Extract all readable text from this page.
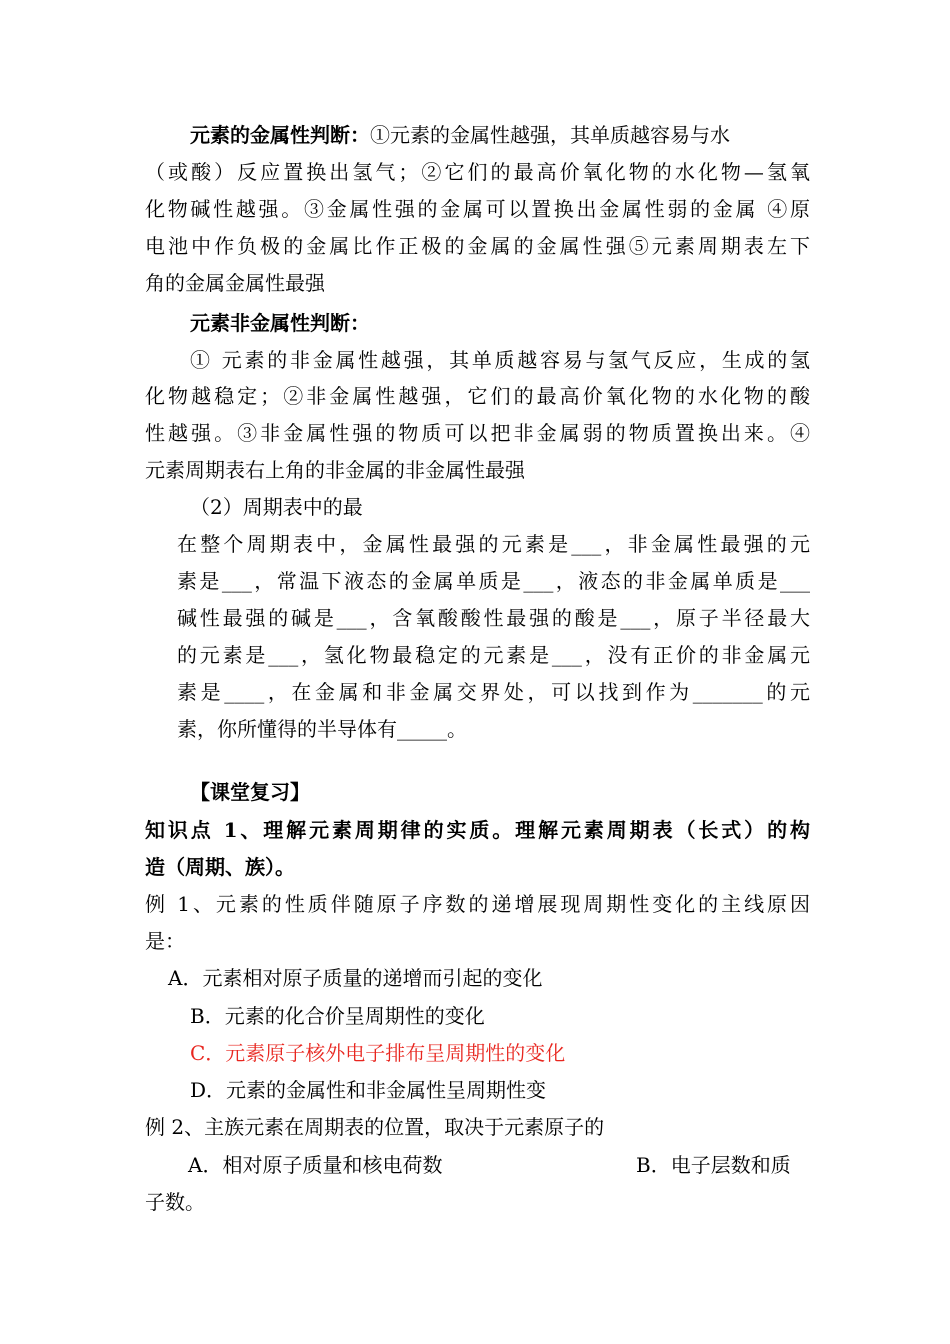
元素的金属性判断：①元素的金属性越强，其单质越容易与水
（或酸）反应置换出氢气；②它们的最高价氧化物的水化物—氢氧
化物碱性越强。③金属性强的金属可以置换出金属性弱的金属 ④原
电池中作负极的金属比作正极的金属的金属性强⑤元素周期表左下
角的金属金属性最强
元素非金属性判断：
① 元素的非金属性越强，其单质越容易与氢气反应，生成的氢
化物越稳定；②非金属性越强，它们的最高价氧化物的水化物的酸
性越强。③非金属性强的物质可以把非金属弱的物质置换出来。④
元素周期表右上角的非金属的非金属性最强
（2）周期表中的最
在整个周期表中，金属性最强的元素是___，非金属性最强的元
素是___，常温下液态的金属单质是___，液态的非金属单质是___
碱性最强的碱是___，含氧酸酸性最强的酸是___，原子半径最大
的元素是___，氢化物最稳定的元素是___，没有正价的非金属元
素是____，在金属和非金属交界处，可以找到作为_______的元
素，你所懂得的半导体有_____。
【课堂复习】
知识点 1、理解元素周期律的实质。理解元素周期表（长式）的构
造（周期、族）。
例 1、元素的性质伴随原子序数的递增展现周期性变化的主线原因
是：
A．元素相对原子质量的递增而引起的变化
B．元素的化合价呈周期性的变化
C．元素原子核外电子排布呈周期性的变化
D．元素的金属性和非金属性呈周期性变
例 2、主族元素在周期表的位置，取决于元素原子的
A．相对原子质量和核电荷数	B．电子层数和质
子数。
